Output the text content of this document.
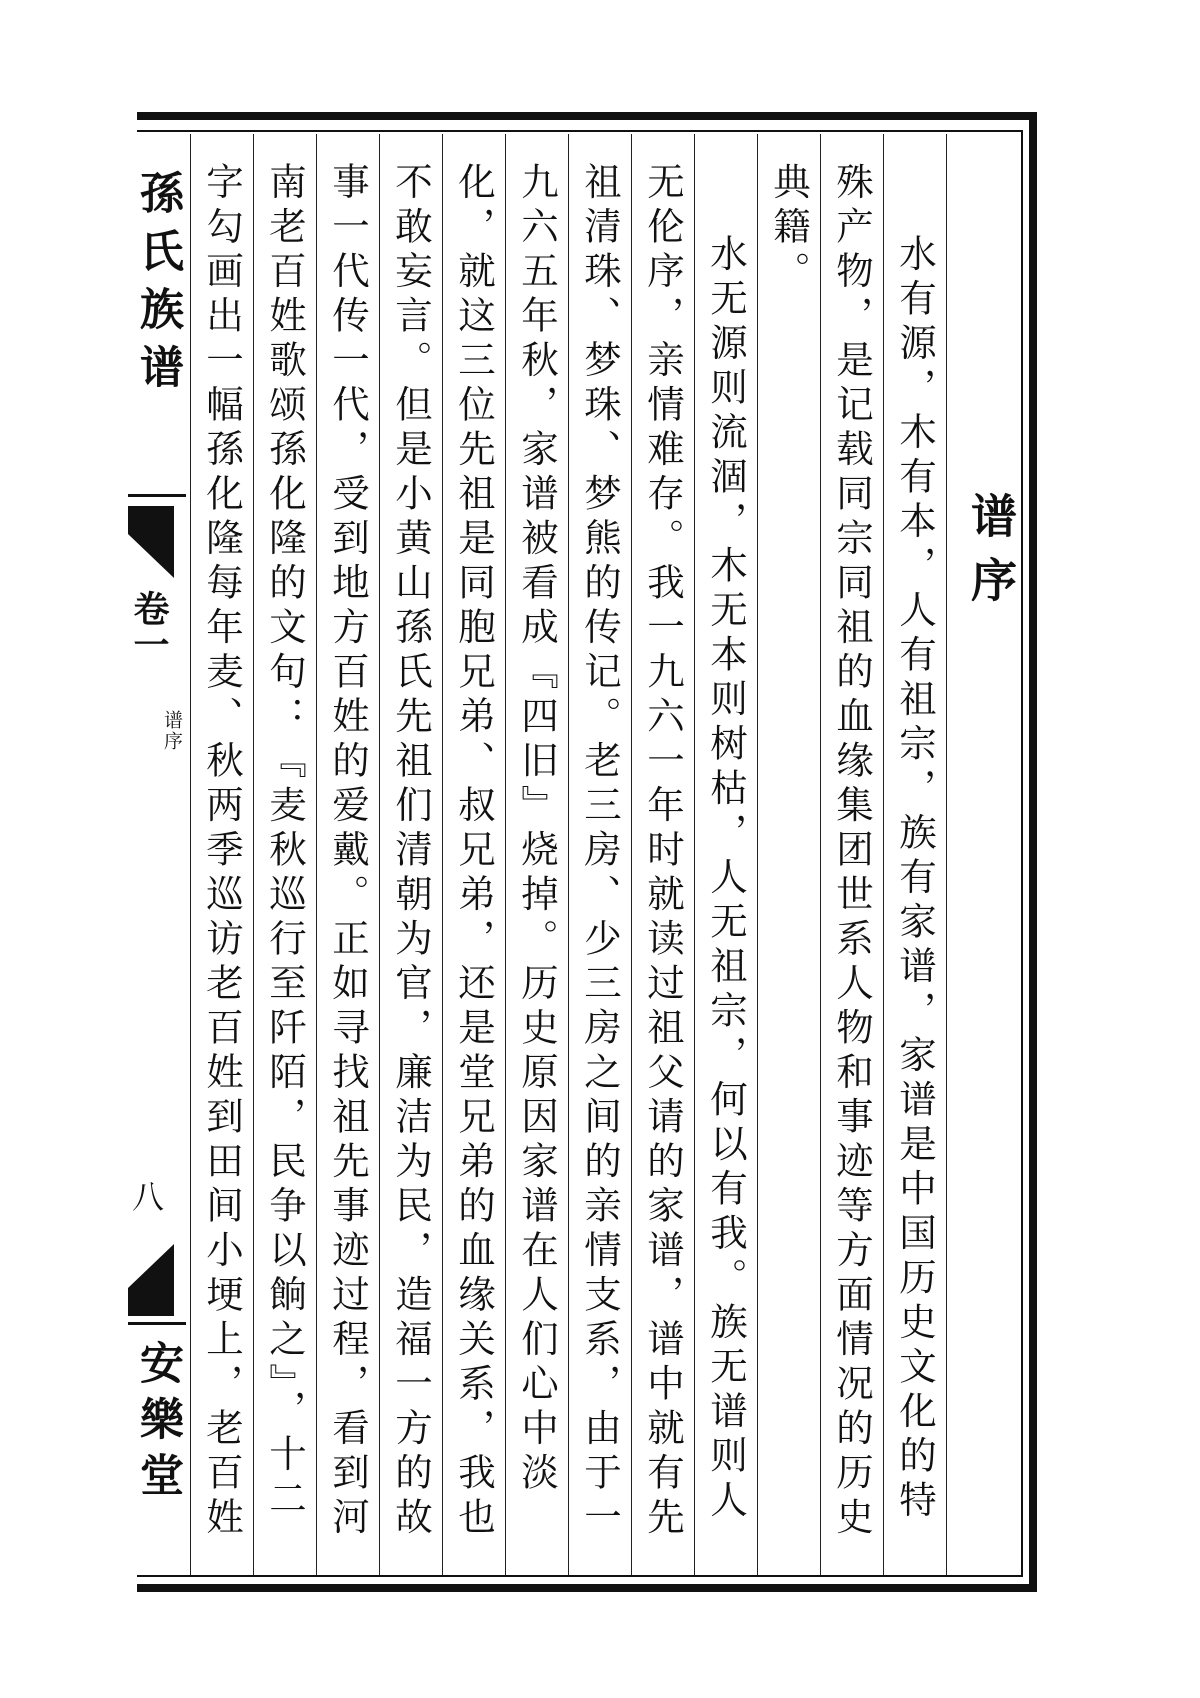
孫氏族谱
卷一
谱序
八
安樂堂
谱序
水有源，木有本，人有祖宗，族有家谱，家谱是中国历史文化的特
殊产物，是记载同宗同祖的血缘集团世系人物和事迹等方面情况的历史
典籍。
水无源则流涸，木无本则树枯，人无祖宗，何以有我。族无谱则人
无伦序，亲情难存。我一九六一年时就读过祖父请的家谱，谱中就有先
祖清珠、梦珠、梦熊的传记。老三房、少三房之间的亲情支系，由于一
九六五年秋，家谱被看成『四旧』烧掉。历史原因家谱在人们心中淡
化，就这三位先祖是同胞兄弟、叔兄弟，还是堂兄弟的血缘关系，我也
不敢妄言。但是小黄山孫氏先祖们清朝为官，廉洁为民，造福一方的故
事一代传一代，受到地方百姓的爱戴。正如寻找祖先事迹过程，看到河
南老百姓歌颂孫化隆的文句：『麦秋巡行至阡陌，民争以餉之』，十二
字勾画出一幅孫化隆每年麦、秋两季巡访老百姓到田间小埂上，老百姓
